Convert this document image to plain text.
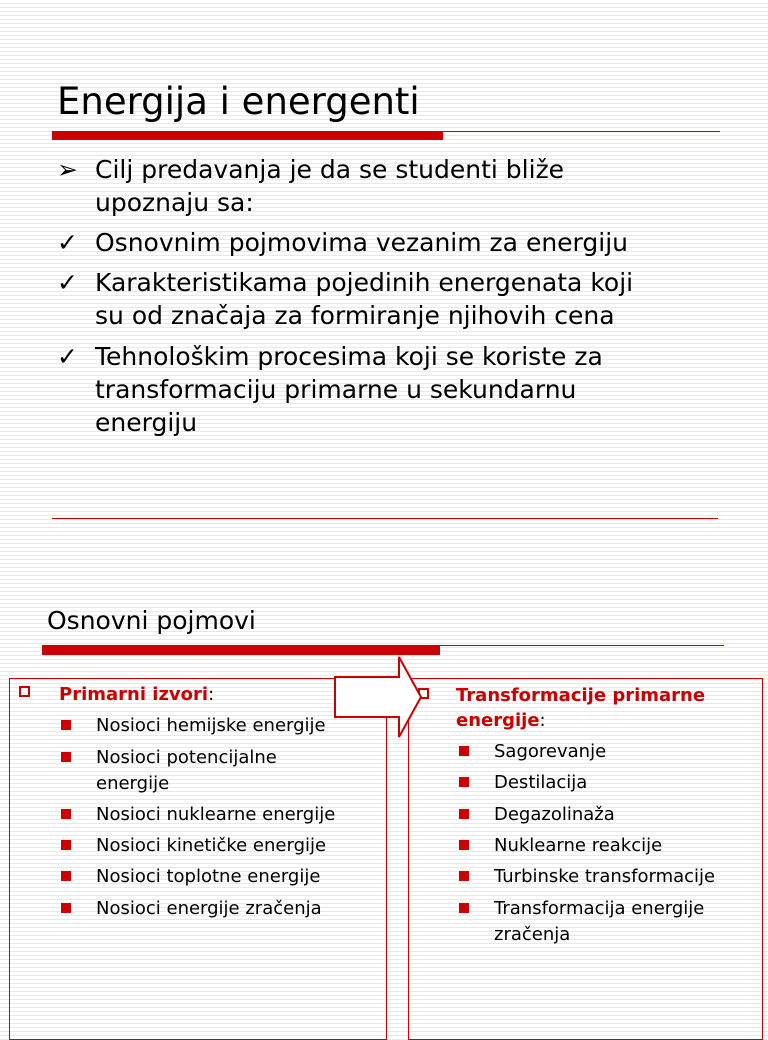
Energija i energenti
➢ Cilj predavanja je da se studenti bliže
upoznaju sa:
✓ Osnovnim pojmovima vezanim za energiju
✓ Karakteristikama pojedinih energenata koji
su od značaja za formiranje njihovih cena
✓ Tehnološkim procesima koji se koriste za
transformaciju primarne u sekundarnu
energiju
Osnovni pojmovi
Primarni izvori:
Nosioci hemijske energije
Nosioci potencijalne
energije
Nosioci nuklearne energije
Nosioci kinetičke energije
Nosioci toplotne energije
Nosioci energije zračenja
Transformacije primarne
energije:
Sagorevanje
Destilacija
Degazolinaža
Nuklearne reakcije
Turbinske transformacije
Transformacija energije
zračenja
